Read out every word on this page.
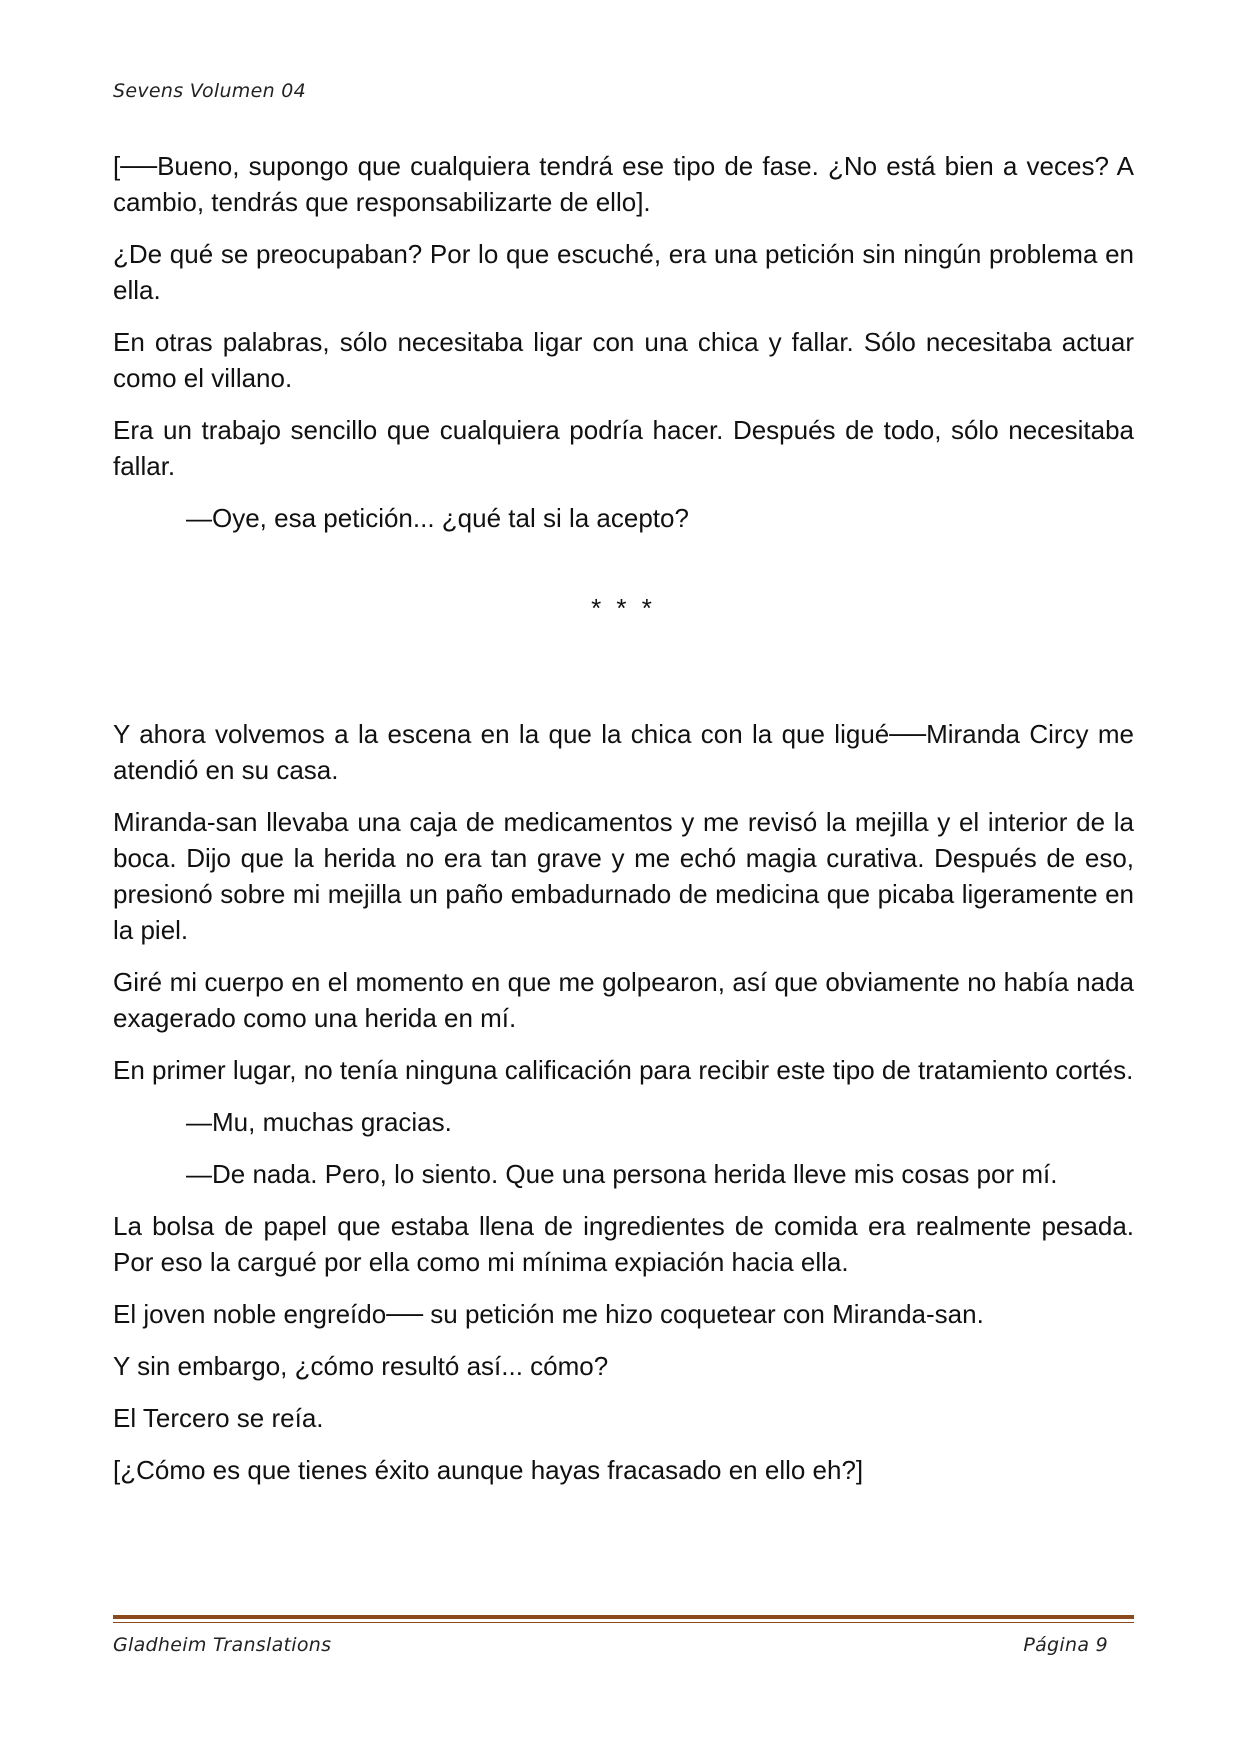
Sevens Volumen 04

[──Bueno, supongo que cualquiera tendrá ese tipo de fase. ¿No está bien a veces? A cambio, tendrás que responsabilizarte de ello].

¿De qué se preocupaban? Por lo que escuché, era una petición sin ningún problema en ella.

En otras palabras, sólo necesitaba ligar con una chica y fallar. Sólo necesitaba actuar como el villano.

Era un trabajo sencillo que cualquiera podría hacer. Después de todo, sólo necesitaba fallar.

—Oye, esa petición... ¿qué tal si la acepto?

* * *

Y ahora volvemos a la escena en la que la chica con la que ligué──Miranda Circy me atendió en su casa.

Miranda-san llevaba una caja de medicamentos y me revisó la mejilla y el interior de la boca. Dijo que la herida no era tan grave y me echó magia curativa. Después de eso, presionó sobre mi mejilla un paño embadurnado de medicina que picaba ligeramente en la piel.

Giré mi cuerpo en el momento en que me golpearon, así que obviamente no había nada exagerado como una herida en mí.

En primer lugar, no tenía ninguna calificación para recibir este tipo de tratamiento cortés.

—Mu, muchas gracias.

—De nada. Pero, lo siento. Que una persona herida lleve mis cosas por mí.

La bolsa de papel que estaba llena de ingredientes de comida era realmente pesada. Por eso la cargué por ella como mi mínima expiación hacia ella.

El joven noble engreído── su petición me hizo coquetear con Miranda-san.

Y sin embargo, ¿cómo resultó así... cómo?

El Tercero se reía.

[¿Cómo es que tienes éxito aunque hayas fracasado en ello eh?]

Gladheim Translations	Página 9
